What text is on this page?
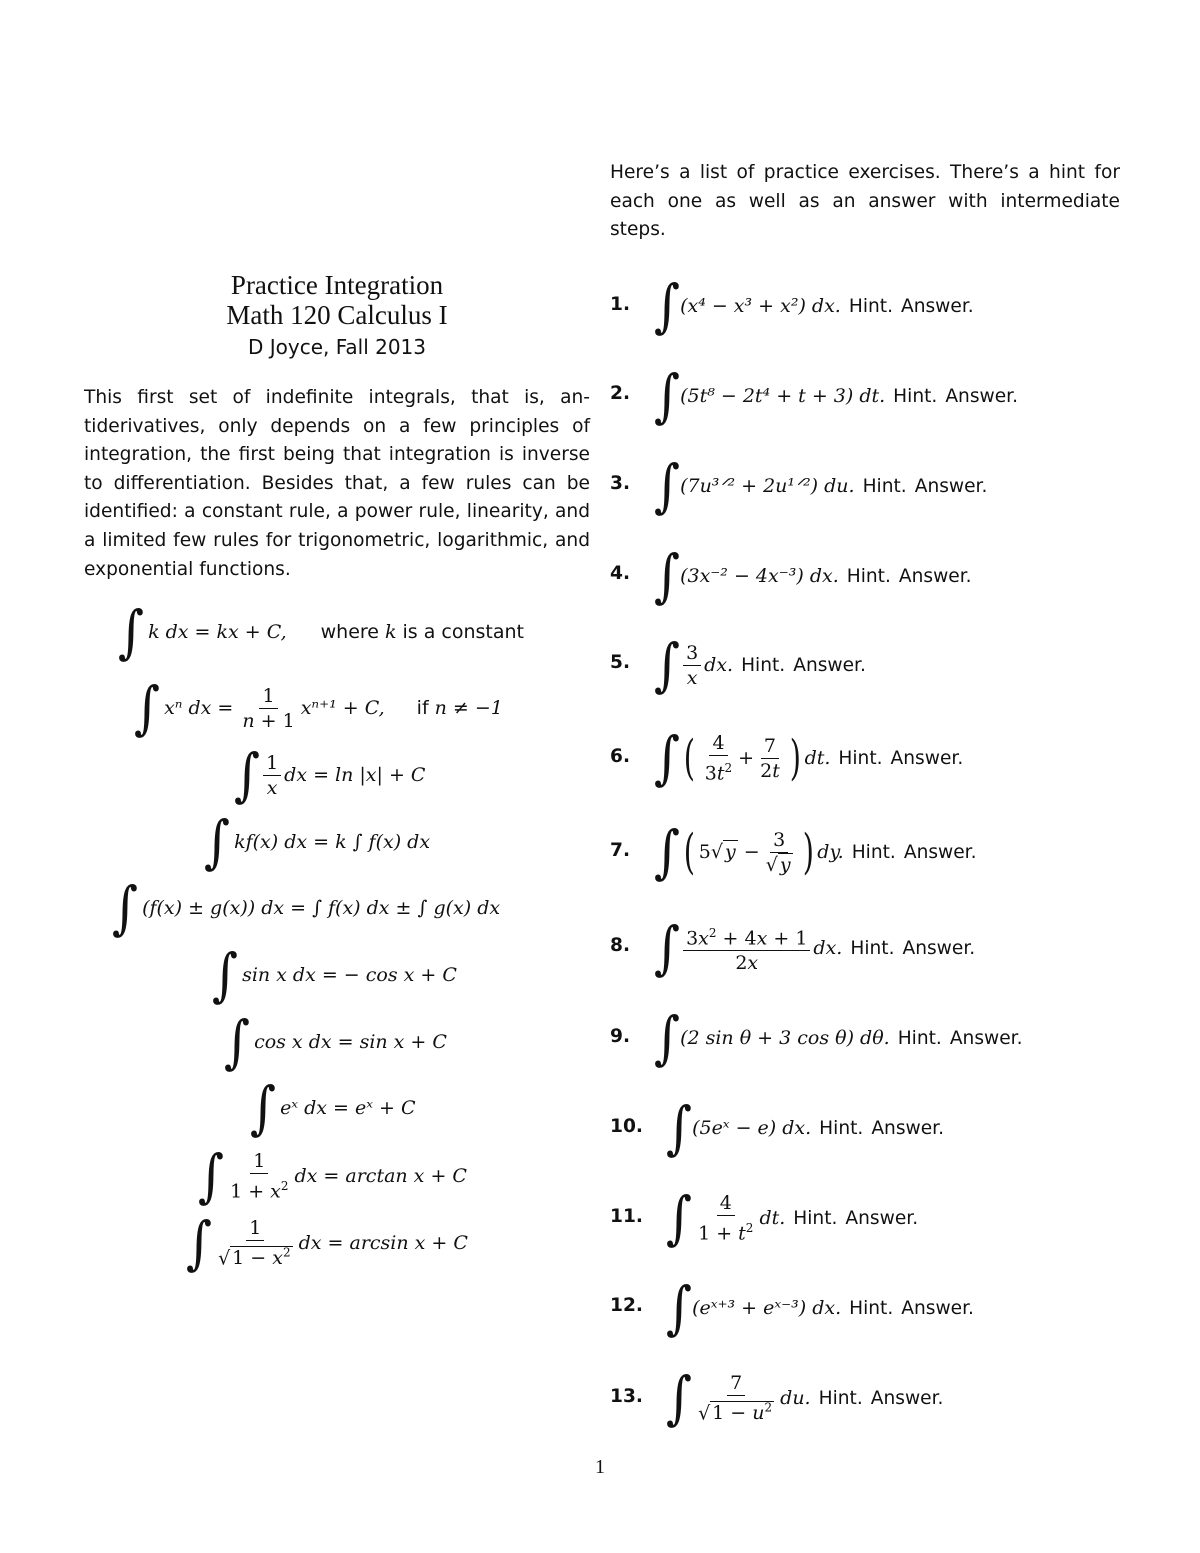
Practice Integration
Math 120 Calculus I
D Joyce, Fall 2013
This first set of indefinite integrals, that is, antiderivatives, only depends on a few principles of integration, the first being that integration is inverse to differentiation. Besides that, a few rules can be identified: a constant rule, a power rule, linearity, and a limited few rules for trigonometric, logarithmic, and exponential functions.
Here’s a list of practice exercises. There’s a hint for each one as well as an answer with intermediate steps.
∫ k dx = kx + C, where k is a constant
∫ xⁿ dx = $\frac{1}{n + 1} x^{n+1} + C$, if n ≠ −1
∫ $\frac{1}{x}$ dx = ln |x| + C
∫ kf(x) dx = k ∫ f(x) dx
∫ (f(x) ± g(x)) dx = ∫ f(x) dx ± ∫ g(x) dx
∫ sin x dx = − cos x + C
∫ cos x dx = sin x + C
∫ eˣ dx = eˣ + C
∫ $\frac{1}{1 + x^2}$ dx = arctan x + C
∫ $\frac{1}{√ 1 - x^2}$ dx = arcsin x + C
1. ∫ (x⁴ − x³ + x²) dx. Hint. Answer.
2. ∫ (5t⁸ − 2t⁴ + t + 3) dt. Hint. Answer.
3. ∫ (7u³ᐟ² + 2u¹ᐟ²) du. Hint. Answer.
4. ∫ (3x⁻² − 4x⁻³) dx. Hint. Answer.
5. ∫ $\frac{3}{x}$ dx. Hint. Answer.
6. ∫ ( $\frac{4}{3t^2} + \frac{7}{2t}$ ) dt. Hint. Answer.
7. ∫ ( 5√ $y - \frac{3}{√ y}$ ) dy. Hint. Answer.
8. ∫ $\frac{3x^2 + 4x + 1}{2x}$ dx. Hint. Answer.
9. ∫ (2 sin θ + 3 cos θ) dθ. Hint. Answer.
10. ∫ (5eˣ − e) dx. Hint. Answer.
11. ∫ $\frac{4}{1 + t^2}$ dt. Hint. Answer.
12. ∫ (eˣ⁺³ + eˣ⁻³) dx. Hint. Answer.
13. ∫ $\frac{7}{√ 1 - u^2}$ du. Hint. Answer.
1
